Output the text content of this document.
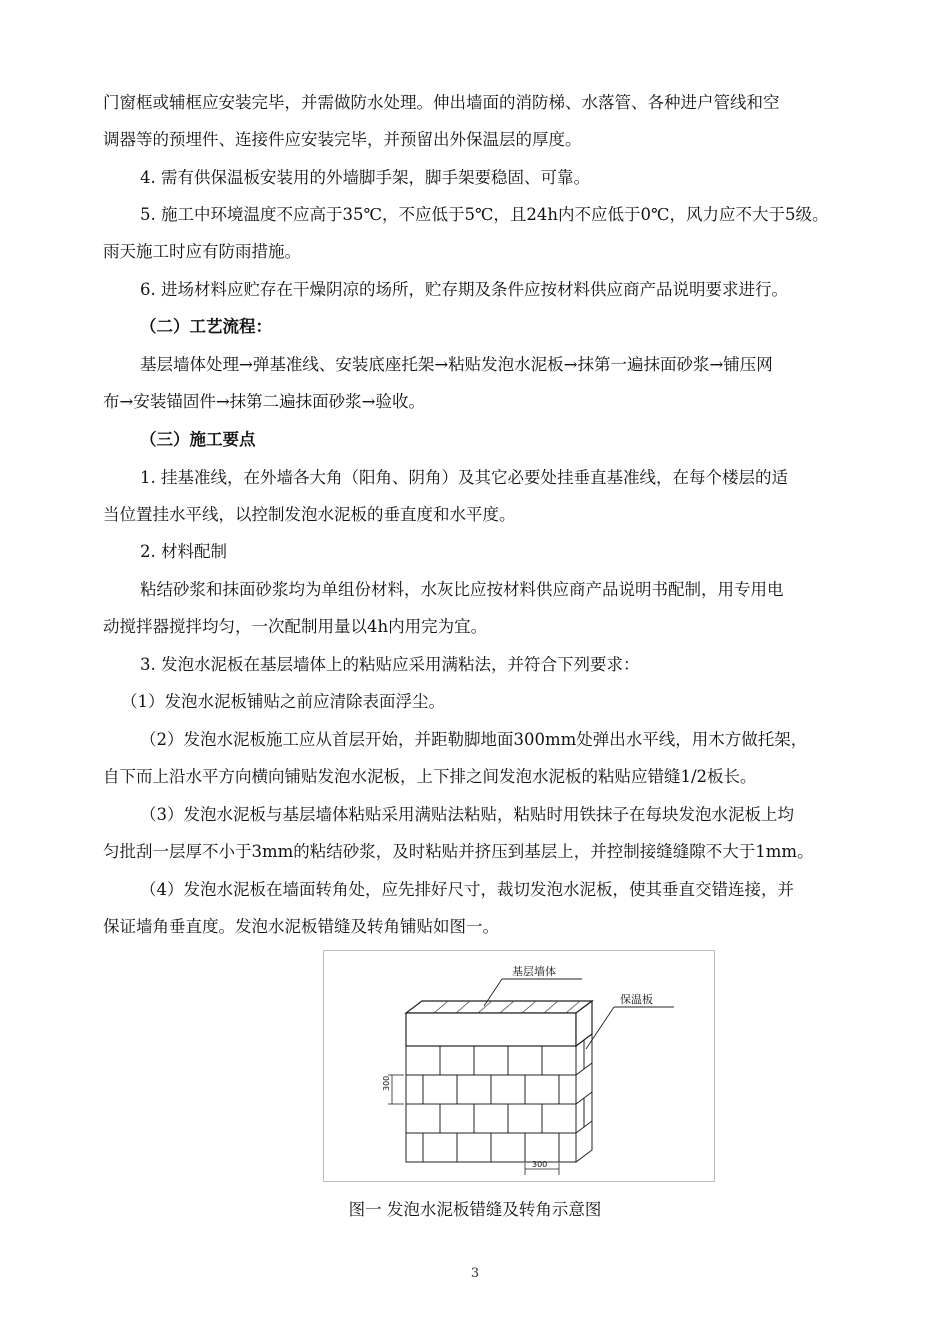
门窗框或辅框应安装完毕，并需做防水处理。伸出墙面的消防梯、水落管、各种进户管线和空
调器等的预埋件、连接件应安装完毕，并预留出外保温层的厚度。
4. 需有供保温板安装用的外墙脚手架，脚手架要稳固、可靠。
5. 施工中环境温度不应高于35℃，不应低于5℃，且24h内不应低于0℃，风力应不大于5级。
雨天施工时应有防雨措施。
6. 进场材料应贮存在干燥阴凉的场所，贮存期及条件应按材料供应商产品说明要求进行。
（二）工艺流程：
基层墙体处理→弹基准线、安装底座托架→粘贴发泡水泥板→抹第一遍抹面砂浆→铺压网
布→安装锚固件→抹第二遍抹面砂浆→验收。
（三）施工要点
1. 挂基准线，在外墙各大角（阳角、阴角）及其它必要处挂垂直基准线，在每个楼层的适
当位置挂水平线，以控制发泡水泥板的垂直度和水平度。
2. 材料配制
粘结砂浆和抹面砂浆均为单组份材料，水灰比应按材料供应商产品说明书配制，用专用电
动搅拌器搅拌均匀，一次配制用量以4h内用完为宜。
3. 发泡水泥板在基层墙体上的粘贴应采用满粘法，并符合下列要求：
（1）发泡水泥板铺贴之前应清除表面浮尘。
（2）发泡水泥板施工应从首层开始，并距勒脚地面300mm处弹出水平线，用木方做托架，
自下而上沿水平方向横向铺贴发泡水泥板，上下排之间发泡水泥板的粘贴应错缝1/2板长。
（3）发泡水泥板与基层墙体粘贴采用满贴法粘贴，粘贴时用铁抹子在每块发泡水泥板上均
匀批刮一层厚不小于3mm的粘结砂浆，及时粘贴并挤压到基层上，并控制接缝缝隙不大于1mm。
（4）发泡水泥板在墙面转角处，应先排好尺寸，裁切发泡水泥板，使其垂直交错连接，并
保证墙角垂直度。发泡水泥板错缝及转角铺贴如图一。
基层墙体
保温板
300
300
图一 发泡水泥板错缝及转角示意图
3
